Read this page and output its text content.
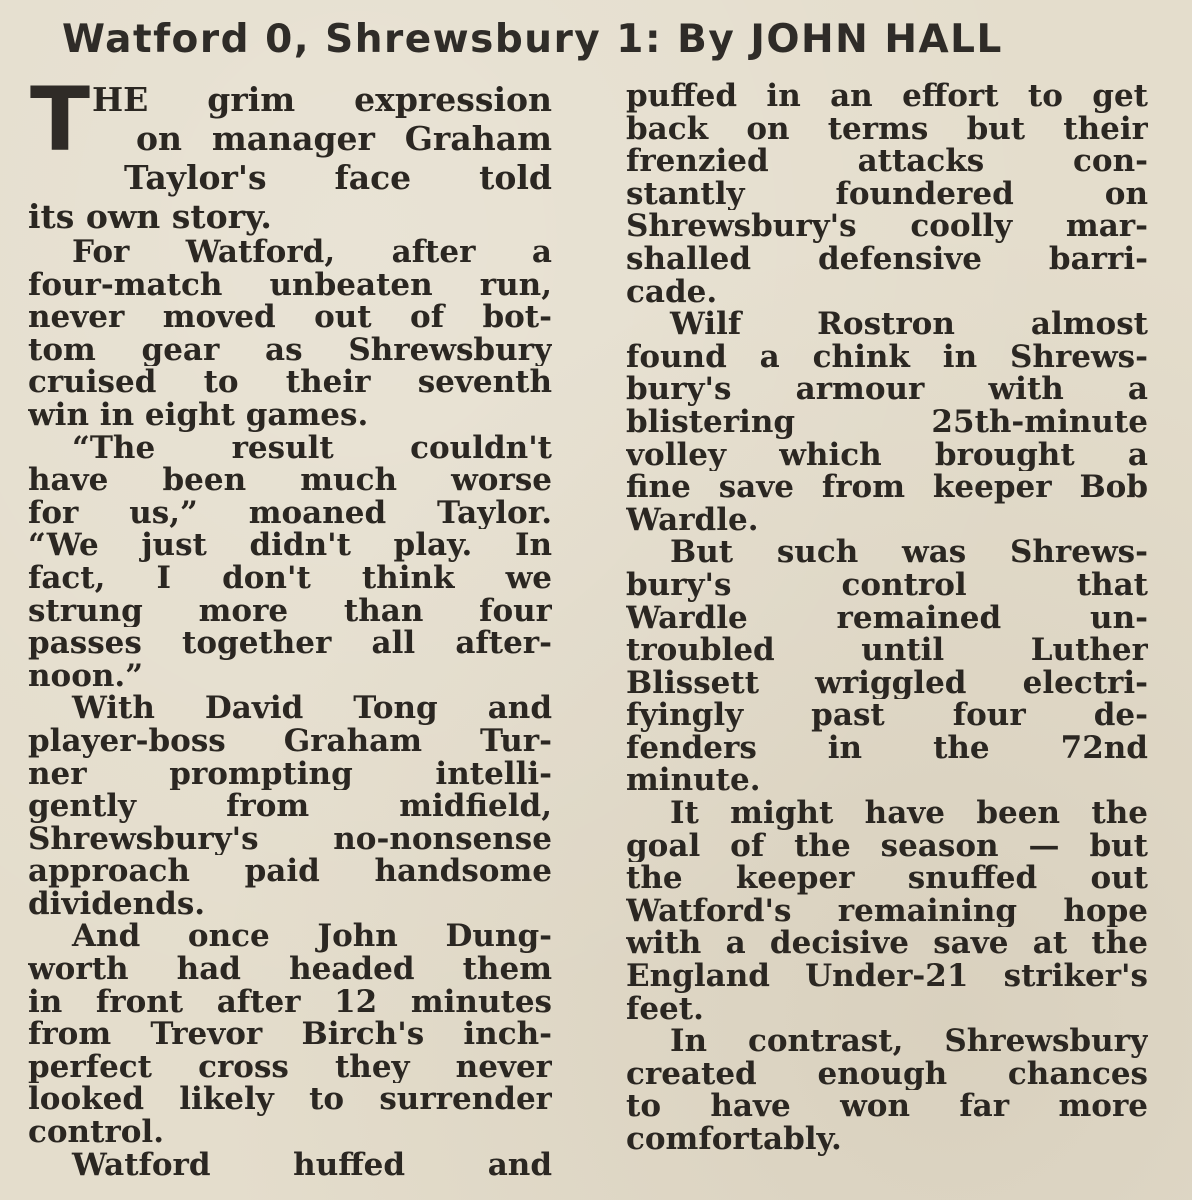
Watford 0, Shrewsbury 1: By JOHN HALL
T HE grim expression
on manager Graham
Taylor's face told
its own story.
For Watford, after a
four-match unbeaten run,
never moved out of bot-
tom gear as Shrewsbury
cruised to their seventh
win in eight games.
“The result couldn't
have been much worse
for us,” moaned Taylor.
“We just didn't play. In
fact, I don't think we
strung more than four
passes together all after-
noon.”
With David Tong and
player-boss Graham Tur-
ner prompting intelli-
gently from midfield,
Shrewsbury's no-nonsense
approach paid handsome
dividends.
And once John Dung-
worth had headed them
in front after 12 minutes
from Trevor Birch's inch-
perfect cross they never
looked likely to surrender
control.
Watford huffed and
puffed in an effort to get
back on terms but their
frenzied attacks con-
stantly foundered on
Shrewsbury's coolly mar-
shalled defensive barri-
cade.
Wilf Rostron almost
found a chink in Shrews-
bury's armour with a
blistering 25th-minute
volley which brought a
fine save from keeper Bob
Wardle.
But such was Shrews-
bury's control that
Wardle remained un-
troubled until Luther
Blissett wriggled electri-
fyingly past four de-
fenders in the 72nd
minute.
It might have been the
goal of the season — but
the keeper snuffed out
Watford's remaining hope
with a decisive save at the
England Under-21 striker's
feet.
In contrast, Shrewsbury
created enough chances
to have won far more
comfortably.
